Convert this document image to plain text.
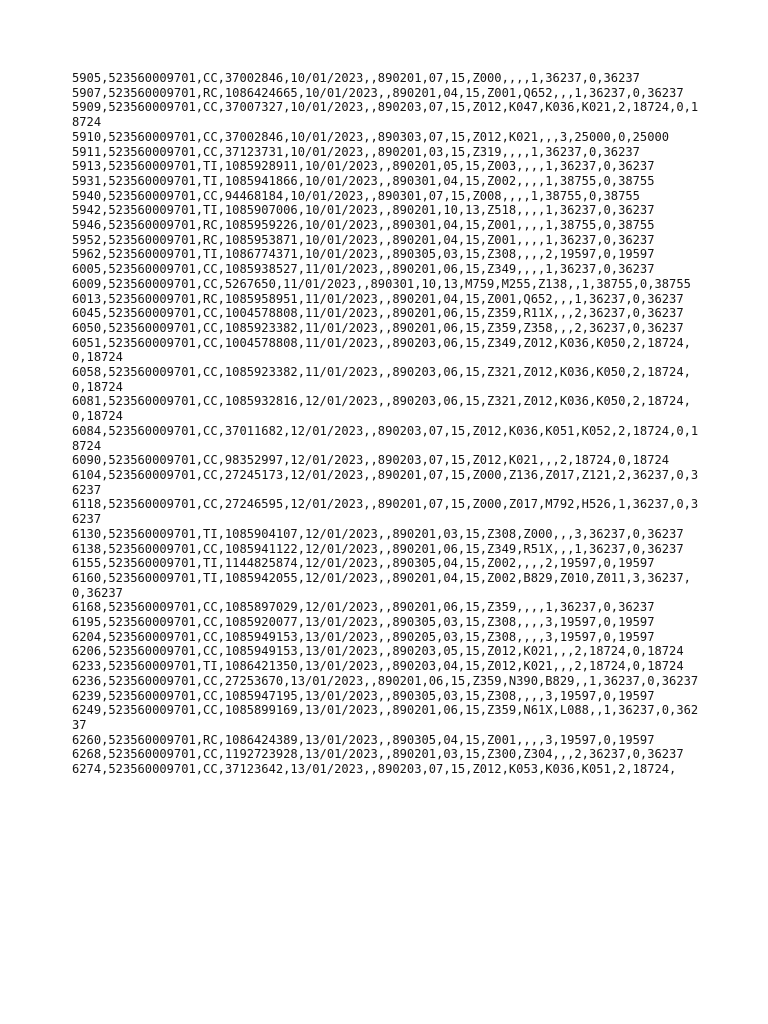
5905,523560009701,CC,37002846,10/01/2023,,890201,07,15,Z000,,,,1,36237,0,36237
5907,523560009701,RC,1086424665,10/01/2023,,890201,04,15,Z001,Q652,,,1,36237,0,36237
5909,523560009701,CC,37007327,10/01/2023,,890203,07,15,Z012,K047,K036,K021,2,18724,0,18724
5910,523560009701,CC,37002846,10/01/2023,,890303,07,15,Z012,K021,,,3,25000,0,25000
5911,523560009701,CC,37123731,10/01/2023,,890201,03,15,Z319,,,,1,36237,0,36237
5913,523560009701,TI,1085928911,10/01/2023,,890201,05,15,Z003,,,,1,36237,0,36237
5931,523560009701,TI,1085941866,10/01/2023,,890301,04,15,Z002,,,,1,38755,0,38755
5940,523560009701,CC,94468184,10/01/2023,,890301,07,15,Z008,,,,1,38755,0,38755
5942,523560009701,TI,1085907006,10/01/2023,,890201,10,13,Z518,,,,1,36237,0,36237
5946,523560009701,RC,1085959226,10/01/2023,,890301,04,15,Z001,,,,1,38755,0,38755
5952,523560009701,RC,1085953871,10/01/2023,,890201,04,15,Z001,,,,1,36237,0,36237
5962,523560009701,TI,1086774371,10/01/2023,,890305,03,15,Z308,,,,2,19597,0,19597
6005,523560009701,CC,1085938527,11/01/2023,,890201,06,15,Z349,,,,1,36237,0,36237
6009,523560009701,CC,5267650,11/01/2023,,890301,10,13,M759,M255,Z138,,1,38755,0,38755
6013,523560009701,RC,1085958951,11/01/2023,,890201,04,15,Z001,Q652,,,1,36237,0,36237
6045,523560009701,CC,1004578808,11/01/2023,,890201,06,15,Z359,R11X,,,2,36237,0,36237
6050,523560009701,CC,1085923382,11/01/2023,,890201,06,15,Z359,Z358,,,2,36237,0,36237
6051,523560009701,CC,1004578808,11/01/2023,,890203,06,15,Z349,Z012,K036,K050,2,18724,0,18724
6058,523560009701,CC,1085923382,11/01/2023,,890203,06,15,Z321,Z012,K036,K050,2,18724,0,18724
6081,523560009701,CC,1085932816,12/01/2023,,890203,06,15,Z321,Z012,K036,K050,2,18724,0,18724
6084,523560009701,CC,37011682,12/01/2023,,890203,07,15,Z012,K036,K051,K052,2,18724,0,18724
6090,523560009701,CC,98352997,12/01/2023,,890203,07,15,Z012,K021,,,2,18724,0,18724
6104,523560009701,CC,27245173,12/01/2023,,890201,07,15,Z000,Z136,Z017,Z121,2,36237,0,36237
6118,523560009701,CC,27246595,12/01/2023,,890201,07,15,Z000,Z017,M792,H526,1,36237,0,36237
6130,523560009701,TI,1085904107,12/01/2023,,890201,03,15,Z308,Z000,,,3,36237,0,36237
6138,523560009701,CC,1085941122,12/01/2023,,890201,06,15,Z349,R51X,,,1,36237,0,36237
6155,523560009701,TI,1144825874,12/01/2023,,890305,04,15,Z002,,,,2,19597,0,19597
6160,523560009701,TI,1085942055,12/01/2023,,890201,04,15,Z002,B829,Z010,Z011,3,36237,0,36237
6168,523560009701,CC,1085897029,12/01/2023,,890201,06,15,Z359,,,,1,36237,0,36237
6195,523560009701,CC,1085920077,13/01/2023,,890305,03,15,Z308,,,,3,19597,0,19597
6204,523560009701,CC,1085949153,13/01/2023,,890205,03,15,Z308,,,,3,19597,0,19597
6206,523560009701,CC,1085949153,13/01/2023,,890203,05,15,Z012,K021,,,2,18724,0,18724
6233,523560009701,TI,1086421350,13/01/2023,,890203,04,15,Z012,K021,,,2,18724,0,18724
6236,523560009701,CC,27253670,13/01/2023,,890201,06,15,Z359,N390,B829,,1,36237,0,36237
6239,523560009701,CC,1085947195,13/01/2023,,890305,03,15,Z308,,,,3,19597,0,19597
6249,523560009701,CC,1085899169,13/01/2023,,890201,06,15,Z359,N61X,L088,,1,36237,0,36237
6260,523560009701,RC,1086424389,13/01/2023,,890305,04,15,Z001,,,,3,19597,0,19597
6268,523560009701,CC,1192723928,13/01/2023,,890201,03,15,Z300,Z304,,,2,36237,0,36237
6274,523560009701,CC,37123642,13/01/2023,,890203,07,15,Z012,K053,K036,K051,2,18724,
